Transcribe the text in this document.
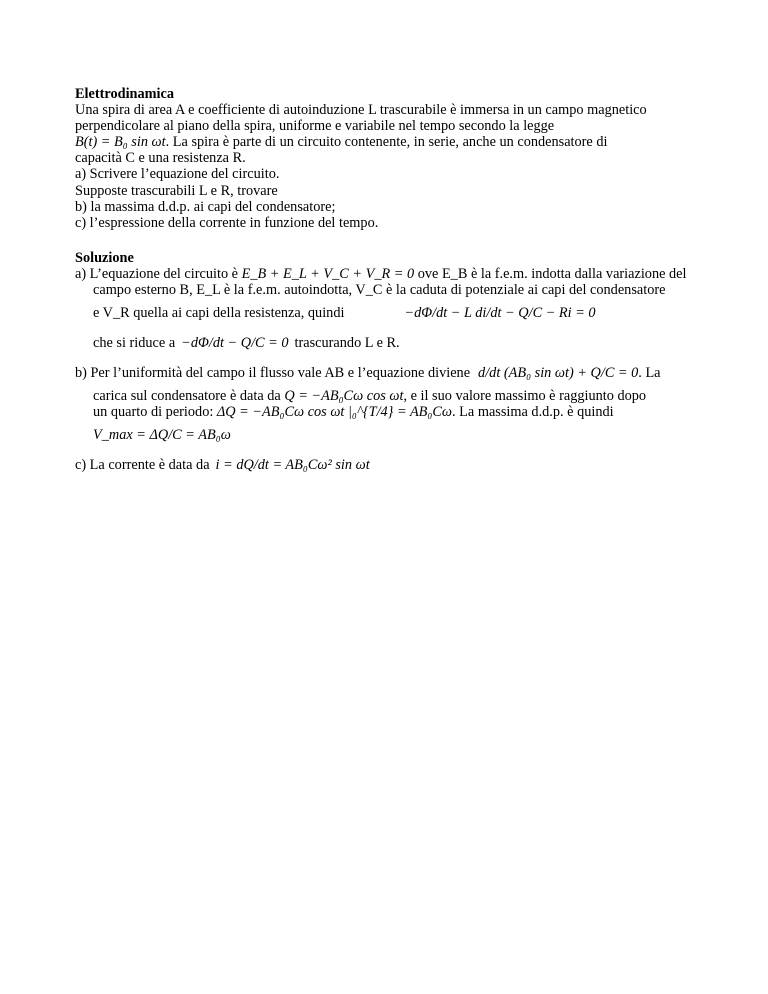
Elettrodinamica
Una spira di area A e coefficiente di autoinduzione L trascurabile è immersa in un campo magnetico
perpendicolare al piano della spira, uniforme e variabile nel tempo secondo la legge
B(t) = B₀ sin ωt. La spira è parte di un circuito contenente, in serie, anche un condensatore di
capacità C e una resistenza R.
a) Scrivere l’equazione del circuito.
Supposte trascurabili L e R, trovare
b) la massima d.d.p. ai capi del condensatore;
c) l’espressione della corrente in funzione del tempo.
Soluzione
a) L’equazione del circuito è E_B + E_L + V_C + V_R = 0 ove E_B è la f.e.m. indotta dalla variazione del
campo esterno B, E_L è la f.e.m. autoindotta, V_C è la caduta di potenziale ai capi del condensatore
e V_R quella ai capi della resistenza, quindi	−dΦ/dt − L di/dt − Q/C − Ri = 0
che si riduce a −dΦ/dt − Q/C = 0 trascurando L e R.
b) Per l’uniformità del campo il flusso vale AB e l’equazione diviene d/dt (AB₀ sin ωt) + Q/C = 0 . La
carica sul condensatore è data da Q = −AB₀Cω cos ωt, e il suo valore massimo è raggiunto dopo
un quarto di periodo: ΔQ = −AB₀Cω cos ωt |₀^{T/4} = AB₀Cω. La massima d.d.p. è quindi
V_max = ΔQ/C = AB₀ω
c) La corrente è data da i = dQ/dt = AB₀Cω² sin ωt
